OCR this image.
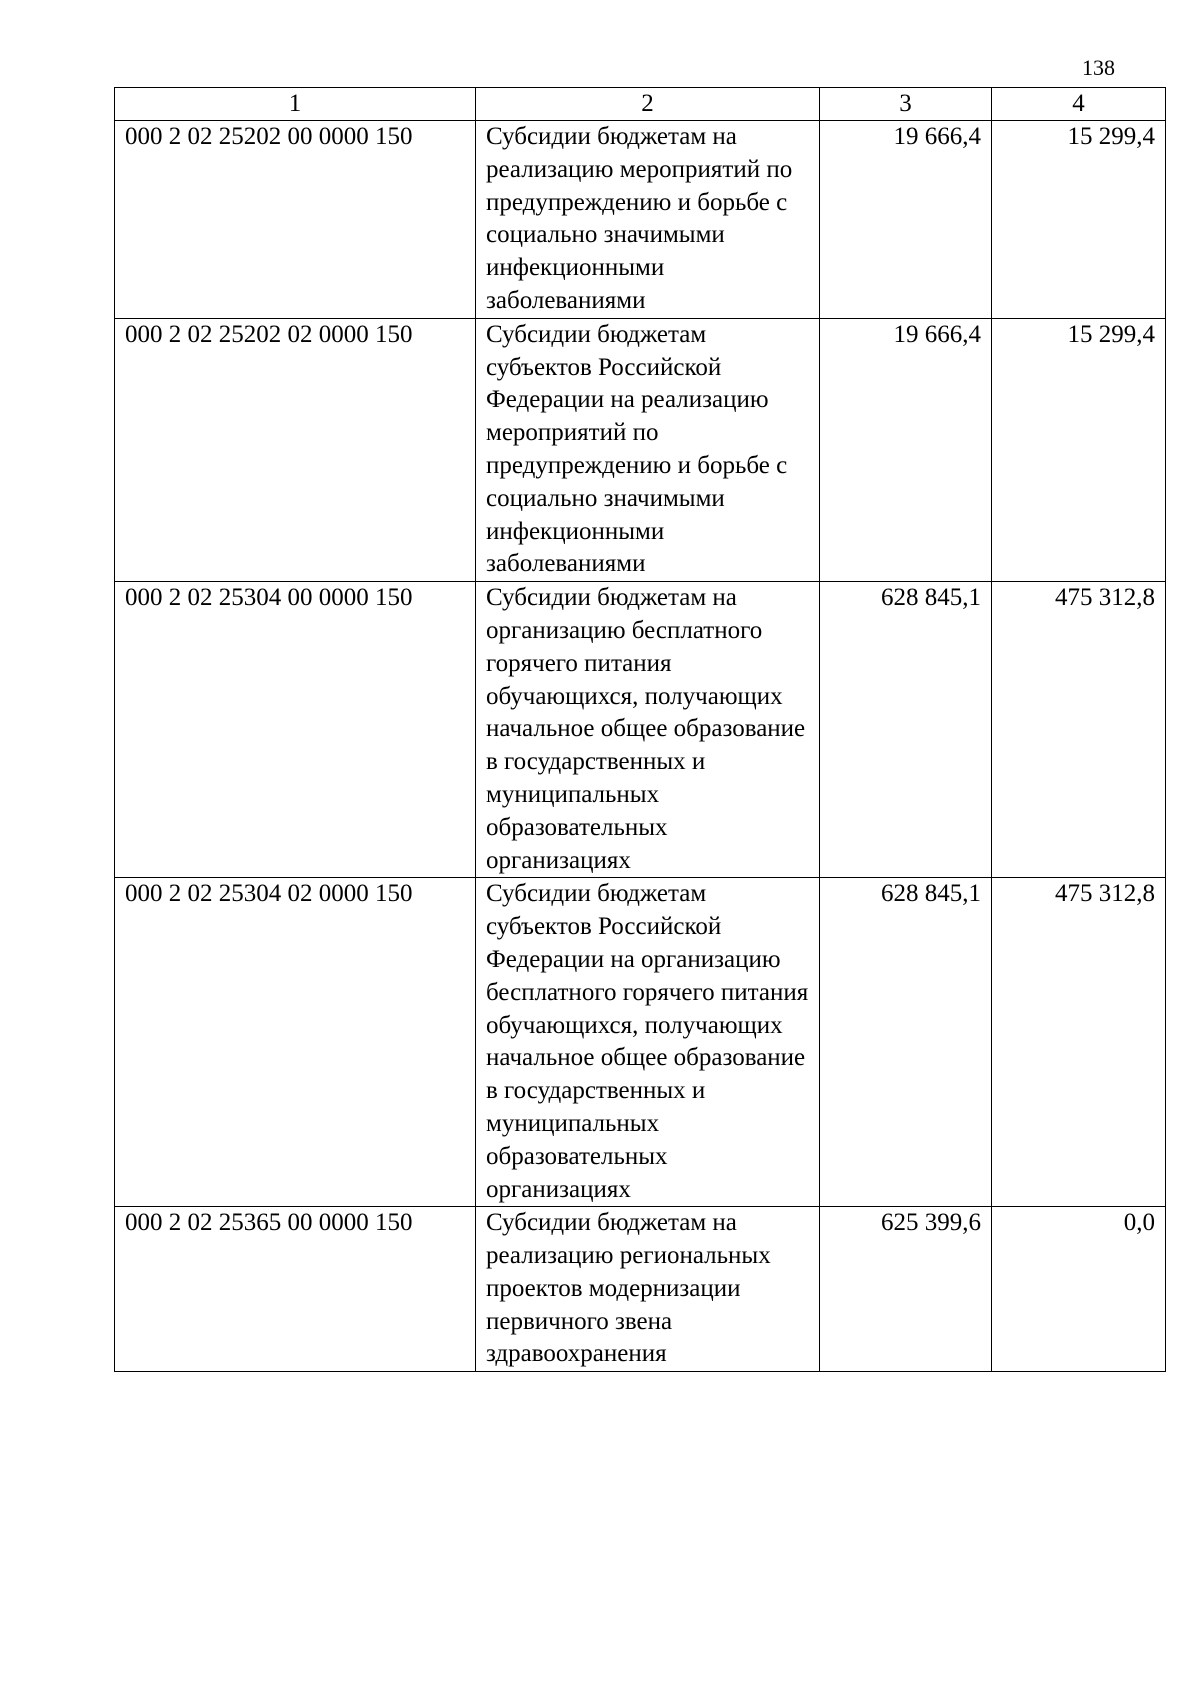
138
1	2	3	4
000 2 02 25202 00 0000 150	Субсидии бюджетам на реализацию мероприятий по предупреждению и борьбе с социально значимыми инфекционными заболеваниями	19 666,4	15 299,4
000 2 02 25202 02 0000 150	Субсидии бюджетам субъектов Российской Федерации на реализацию мероприятий по предупреждению и борьбе с социально значимыми инфекционными заболеваниями	19 666,4	15 299,4
000 2 02 25304 00 0000 150	Субсидии бюджетам на организацию бесплатного горячего питания обучающихся, получающих начальное общее образование в государственных и муниципальных образовательных организациях	628 845,1	475 312,8
000 2 02 25304 02 0000 150	Субсидии бюджетам субъектов Российской Федерации на организацию бесплатного горячего питания обучающихся, получающих начальное общее образование в государственных и муниципальных образовательных организациях	628 845,1	475 312,8
000 2 02 25365 00 0000 150	Субсидии бюджетам на реализацию региональных проектов модернизации первичного звена здравоохранения	625 399,6	0,0
